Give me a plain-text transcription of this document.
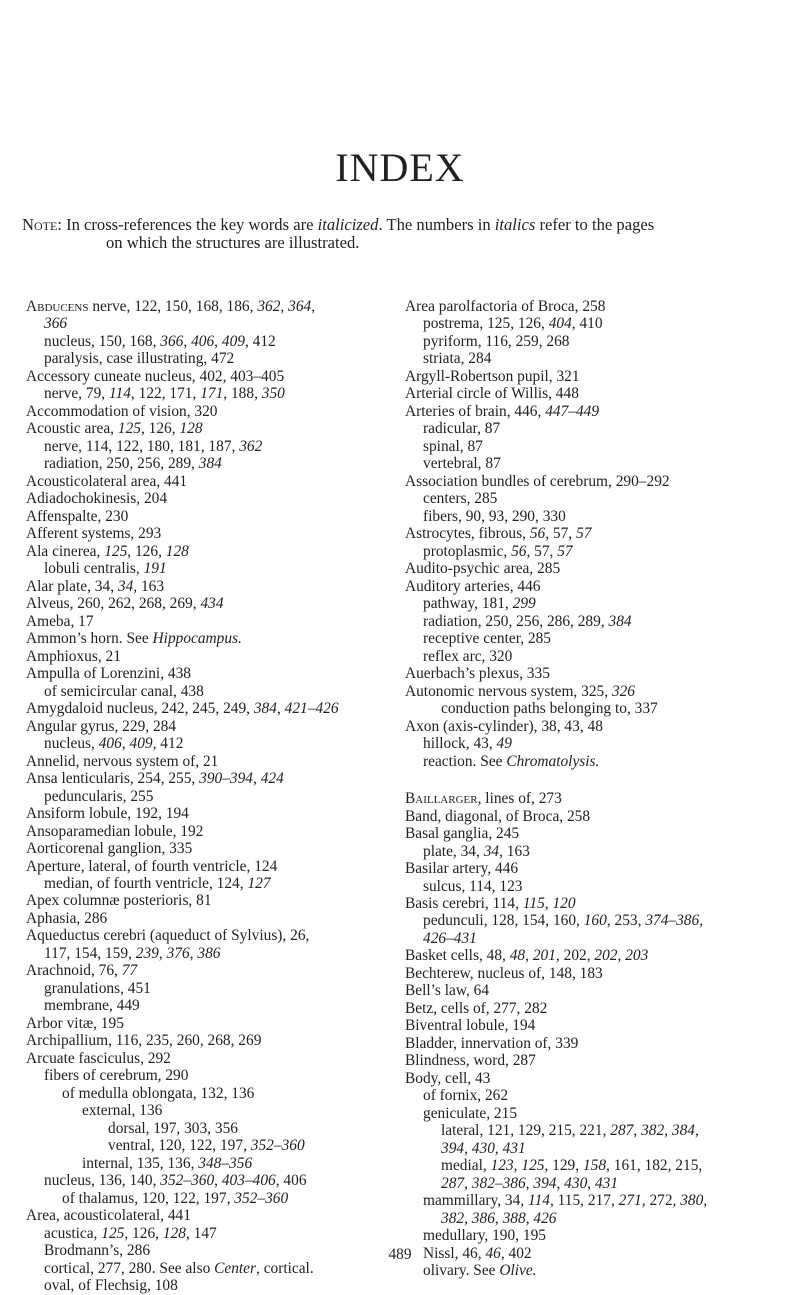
INDEX
Note: In cross-references the key words are italicized. The numbers in italics refer to the pages
on which the structures are illustrated.
Abducens nerve, 122, 150, 168, 186, 362, 364,
366
nucleus, 150, 168, 366, 406, 409, 412
paralysis, case illustrating, 472
Accessory cuneate nucleus, 402, 403–405
nerve, 79, 114, 122, 171, 171, 188, 350
Accommodation of vision, 320
Acoustic area, 125, 126, 128
nerve, 114, 122, 180, 181, 187, 362
radiation, 250, 256, 289, 384
Acousticolateral area, 441
Adiadochokinesis, 204
Affenspalte, 230
Afferent systems, 293
Ala cinerea, 125, 126, 128
lobuli centralis, 191
Alar plate, 34, 34, 163
Alveus, 260, 262, 268, 269, 434
Ameba, 17
Ammon’s horn. See Hippocampus.
Amphioxus, 21
Ampulla of Lorenzini, 438
of semicircular canal, 438
Amygdaloid nucleus, 242, 245, 249, 384, 421–426
Angular gyrus, 229, 284
nucleus, 406, 409, 412
Annelid, nervous system of, 21
Ansa lenticularis, 254, 255, 390–394, 424
peduncularis, 255
Ansiform lobule, 192, 194
Ansoparamedian lobule, 192
Aorticorenal ganglion, 335
Aperture, lateral, of fourth ventricle, 124
median, of fourth ventricle, 124, 127
Apex columnæ posterioris, 81
Aphasia, 286
Aqueductus cerebri (aqueduct of Sylvius), 26,
117, 154, 159, 239, 376, 386
Arachnoid, 76, 77
granulations, 451
membrane, 449
Arbor vitæ, 195
Archipallium, 116, 235, 260, 268, 269
Arcuate fasciculus, 292
fibers of cerebrum, 290
of medulla oblongata, 132, 136
external, 136
dorsal, 197, 303, 356
ventral, 120, 122, 197, 352–360
internal, 135, 136, 348–356
nucleus, 136, 140, 352–360, 403–406, 406
of thalamus, 120, 122, 197, 352–360
Area, acousticolateral, 441
acustica, 125, 126, 128, 147
Brodmann’s, 286
cortical, 277, 280. See also Center, cortical.
oval, of Flechsig, 108
Area parolfactoria of Broca, 258
postrema, 125, 126, 404, 410
pyriform, 116, 259, 268
striata, 284
Argyll-Robertson pupil, 321
Arterial circle of Willis, 448
Arteries of brain, 446, 447–449
radicular, 87
spinal, 87
vertebral, 87
Association bundles of cerebrum, 290–292
centers, 285
fibers, 90, 93, 290, 330
Astrocytes, fibrous, 56, 57, 57
protoplasmic, 56, 57, 57
Audito-psychic area, 285
Auditory arteries, 446
pathway, 181, 299
radiation, 250, 256, 286, 289, 384
receptive center, 285
reflex arc, 320
Auerbach’s plexus, 335
Autonomic nervous system, 325, 326
conduction paths belonging to, 337
Axon (axis-cylinder), 38, 43, 48
hillock, 43, 49
reaction. See Chromatolysis.
Baillarger, lines of, 273
Band, diagonal, of Broca, 258
Basal ganglia, 245
plate, 34, 34, 163
Basilar artery, 446
sulcus, 114, 123
Basis cerebri, 114, 115, 120
pedunculi, 128, 154, 160, 160, 253, 374–386,
426–431
Basket cells, 48, 48, 201, 202, 202, 203
Bechterew, nucleus of, 148, 183
Bell’s law, 64
Betz, cells of, 277, 282
Biventral lobule, 194
Bladder, innervation of, 339
Blindness, word, 287
Body, cell, 43
of fornix, 262
geniculate, 215
lateral, 121, 129, 215, 221, 287, 382, 384,
394, 430, 431
medial, 123, 125, 129, 158, 161, 182, 215,
287, 382–386, 394, 430, 431
mammillary, 34, 114, 115, 217, 271, 272, 380,
382, 386, 388, 426
medullary, 190, 195
Nissl, 46, 46, 402
olivary. See Olive.
489
